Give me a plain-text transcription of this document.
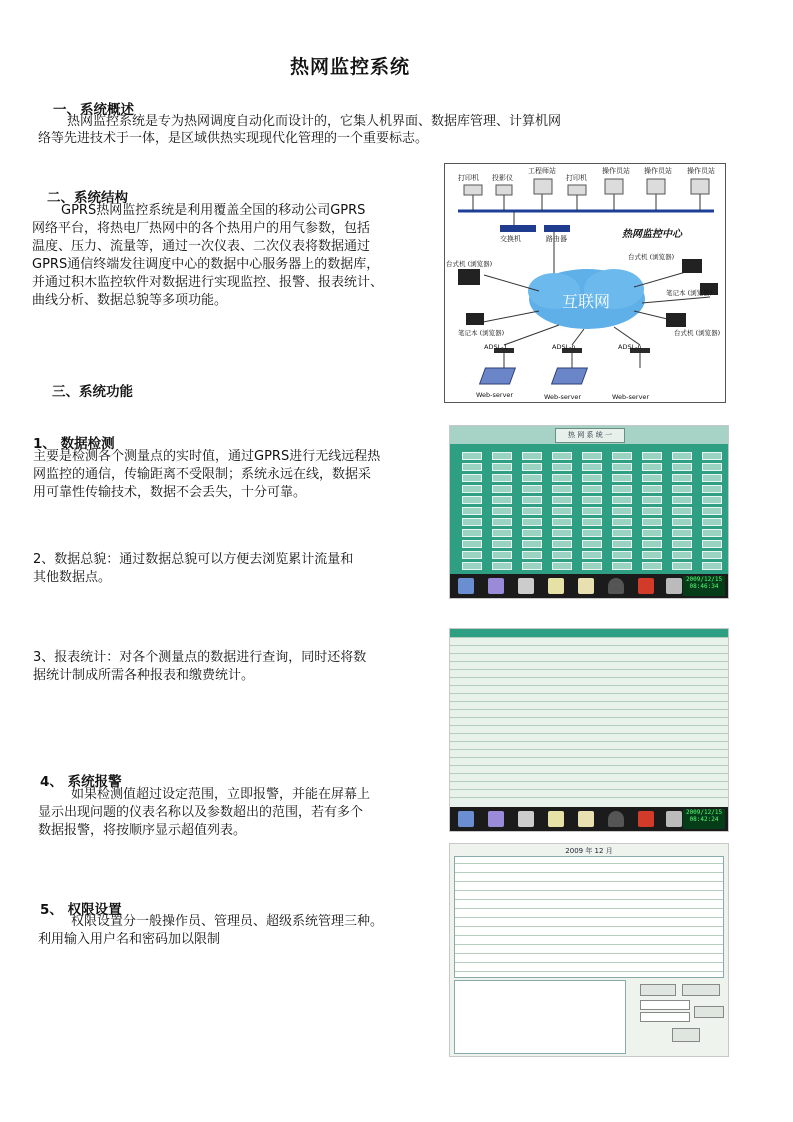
热网监控系统
一、系统概述
热网监控系统是专为热网调度自动化而设计的，它集人机界面、数据库管理、计算机网
络等先进技术于一体，是区域供热实现现代化管理的一个重要标志。
二、系统结构
GPRS热网监控系统是利用覆盖全国的移动公司GPRS
网络平台，将热电厂热网中的各个热用户的用气参数，包括
温度、压力、流量等，通过一次仪表、二次仪表将数据通过
GPRS通信终端发往调度中心的数据中心服务器上的数据库，
并通过积木监控软件对数据进行实现监控、报警、报表统计、
曲线分析、数据总貌等多项功能。
打印机 投影仪
工程师站
打印机
操作员站 操作员站 操作员站
交换机	路由器	热网监控中心
台式机 (浏览器)
台式机 (浏览器)
笔记本 (浏览器)
笔记本 (浏览器)	台式机 (浏览器)
互联网
ADSL-1	ADSL-n	ADSL-n
Web-server	Web-server	Web-server
三、系统功能
1、 数据检测
主要是检测各个测量点的实时值，通过GPRS进行无线远程热
网监控的通信，传输距离不受限制；系统永远在线，数据采
用可靠性传输技术，数据不会丢失，十分可靠。
2、数据总貌：通过数据总貌可以方便去浏览累计流量和
其他数据点。
3、报表统计：对各个测量点的数据进行查询，同时还将数
据统计制成所需各种报表和缴费统计。
4、 系统报警
如果检测值超过设定范围，立即报警，并能在屏幕上
显示出现问题的仪表名称以及参数超出的范围，若有多个
数据报警，将按顺序显示超值列表。
5、 权限设置
权限设置分一般操作员、管理员、超级系统管理三种。
利用输入用户名和密码加以限制
热 网 系 统 一
2009/12/15 08:46:34
2009/12/15 08:42:24
2009 年 12 月
